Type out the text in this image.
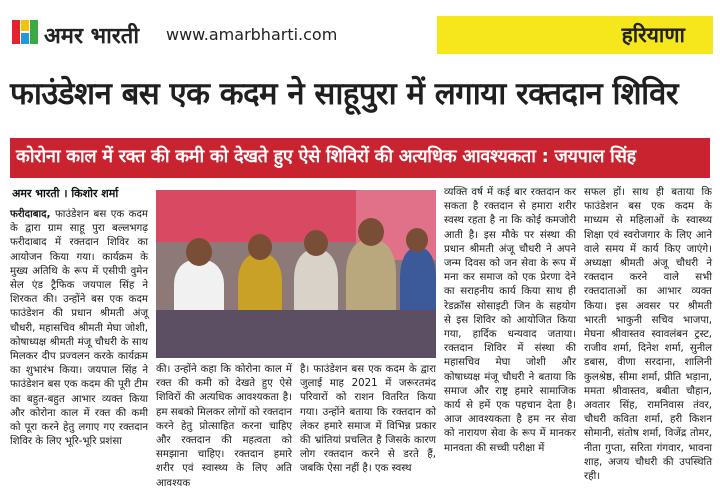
अमर भारती www.amarbharti.com	हरियाणा
फाउंडेशन बस एक कदम ने साहूपुरा में लगाया रक्तदान शिविर
कोरोना काल में रक्त की कमी को देखते हुए ऐसे शिविरों की अत्यधिक आवश्यकता : जयपाल सिंह
अमर भारती । किशोर शर्मा

फरीदाबाद, फाउंडेशन बस एक कदम के द्वारा ग्राम साहू पुरा बल्लभगढ़ फरीदाबाद में रक्तदान शिविर का आयोजन किया गया। कार्यक्रम के मुख्य अतिथि के रूप में एसीपी वुमेन सेल एंड ट्रैफिक जयपाल सिंह ने शिरकत की। उन्होंने बस एक कदम फाउंडेशन की प्रधान श्रीमती अंजू चौधरी, महासचिव श्रीमती मेघा जोशी, कोषाध्यक्ष श्रीमती मंजू चौधरी के साथ मिलकर दीप प्रज्वलन करके कार्यक्रम का शुभारंभ किया। जयपाल सिंह ने फाउंडेशन बस एक कदम की पूरी टीम का बहुत-बहुत आभार व्यक्त किया और कोरोना काल में रक्त की कमी को पूरा करने हेतु लगाए गए रक्तदान शिविर के लिए भूरि-भूरि प्रशंसा

की। उन्होंने कहा कि कोरोना काल में रक्त की कमी को देखते हुए ऐसे शिविरों की अत्यधिक आवश्यकता है। हम सबको मिलकर लोगों को रक्तदान करने हेतु प्रोत्साहित करना चाहिए और रक्तदान की महत्वता को समझाना चाहिए। रक्तदान हमारे शरीर एवं स्वास्थ्य के लिए अति आवश्यक
है। फाउंडेशन बस एक कदम के द्वारा जुलाई माह 2021 में जरूरतमंद परिवारों को राशन वितरित किया गया। उन्होंने बताया कि रक्तदान को लेकर हमारे समाज में विभिन्न प्रकार की भ्रांतियां प्रचलित है जिसके कारण लोग रक्तदान करने से डरते हैं, जबकि ऐसा नहीं है। एक स्वस्थ
व्यक्ति वर्ष में कई बार रक्तदान कर सकता है रक्तदान से हमारा शरीर स्वस्थ रहता है ना कि कोई कमजोरी आती है। इस मौके पर संस्था की प्रधान श्रीमती अंजू चौधरी ने अपने जन्म दिवस को जन सेवा के रूप में मना कर समाज को एक प्रेरणा देने का सराहनीय कार्य किया साथ ही रेडक्रॉस सोसाइटी जिन के सहयोग से इस शिविर को आयोजित किया गया, हार्दिक धन्यवाद जताया।रक्तदान शिविर में संस्था की महासचिव मेघा जोशी और कोषाध्यक्ष मंजू चौधरी ने बताया कि समाज और राष्ट्र हमारे सामाजिक कार्य से हमें एक पहचान देता है। आज आवश्यकता है हम नर सेवा को नारायण सेवा के रूप में मानकर मानवता की सच्ची परीक्षा में
सफल हों। साथ ही बताया कि फाउंडेशन बस एक कदम के माध्यम से महिलाओं के स्वास्थ्य शिक्षा एवं स्वरोजगार के लिए आने वाले समय में कार्य किए जाएंगे। अध्यक्षा श्रीमती अंजू चौधरी ने रक्तदान करने वाले सभी रक्तदाताओं का आभार व्यक्त किया। इस अवसर पर श्रीमती भारती भाकुनी सचिव भाजपा, मेघना श्रीवास्तव स्वावलंबन ट्रस्ट, राजीव शर्मा, दिनेश शर्मा, सुनील डबास, वीणा सरदाना, शालिनी कुलश्रेष्ठ, सीमा शर्मा, प्रीति भड़ाना, ममता श्रीवास्तव, बबीता चौहान, अवतार सिंह, रामनिवास तंवर, चौधरी कविता शर्मा, हरी किशन सोमानी, संतोष शर्मा, विजेंद्र तोमर, नीता गुप्ता, सरिता गंगवार, भावना शाह, अजय चौधरी की उपस्थिति रही।
